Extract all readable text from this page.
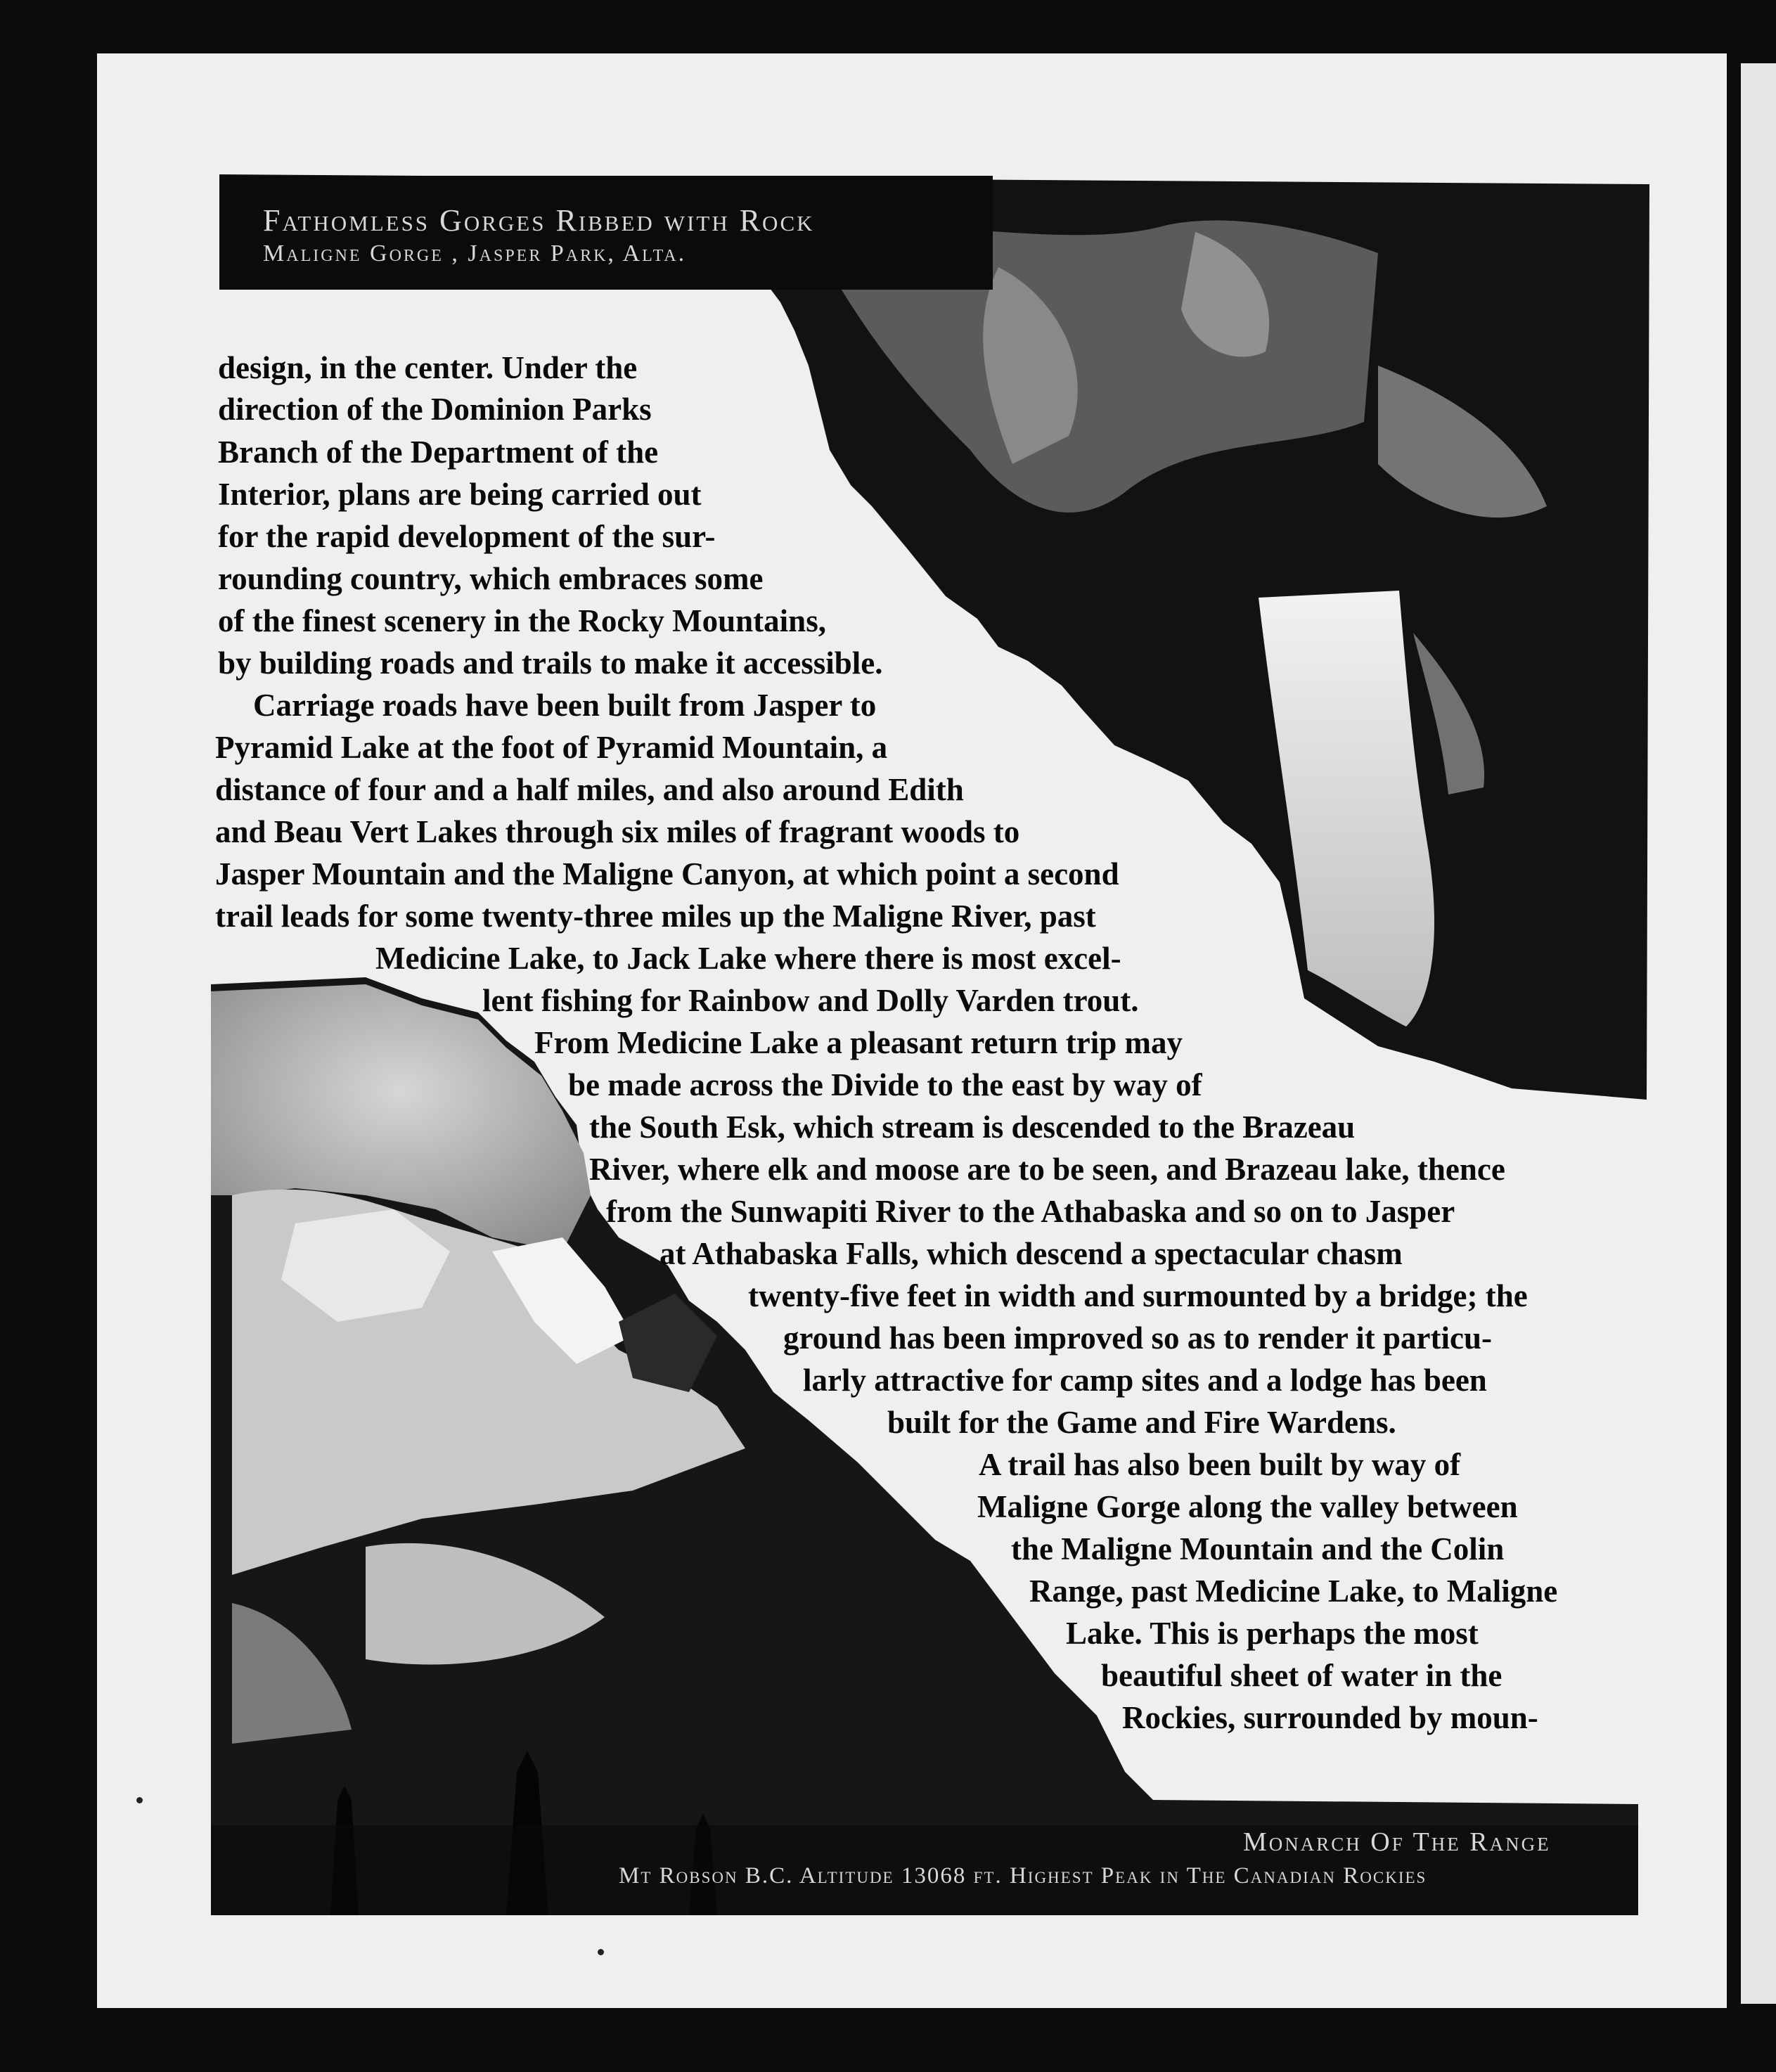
Fathomless Gorges Ribbed with Rock
Maligne Gorge , Jasper Park, Alta.
Monarch Of The Range
Mt Robson B.C. Altitude 13068 ft. Highest Peak in The Canadian Rockies
design, in the center. Under the
direction of the Dominion Parks
Branch of the Department of the
Interior, plans are being carried out
for the rapid development of the sur-
rounding country, which embraces some
of the finest scenery in the Rocky Mountains,
by building roads and trails to make it accessible.
Carriage roads have been built from Jasper to
Pyramid Lake at the foot of Pyramid Mountain, a
distance of four and a half miles, and also around Edith
and Beau Vert Lakes through six miles of fragrant woods to
Jasper Mountain and the Maligne Canyon, at which point a second
trail leads for some twenty-three miles up the Maligne River, past
Medicine Lake, to Jack Lake where there is most excel-
lent fishing for Rainbow and Dolly Varden trout.
From Medicine Lake a pleasant return trip may
be made across the Divide to the east by way of
the South Esk, which stream is descended to the Brazeau
River, where elk and moose are to be seen, and Brazeau lake, thence
from the Sunwapiti River to the Athabaska and so on to Jasper
at Athabaska Falls, which descend a spectacular chasm
twenty-five feet in width and surmounted by a bridge; the
ground has been improved so as to render it particu-
larly attractive for camp sites and a lodge has been
built for the Game and Fire Wardens.
A trail has also been built by way of
Maligne Gorge along the valley between
the Maligne Mountain and the Colin
Range, past Medicine Lake, to Maligne
Lake. This is perhaps the most
beautiful sheet of water in the
Rockies, surrounded by moun-
